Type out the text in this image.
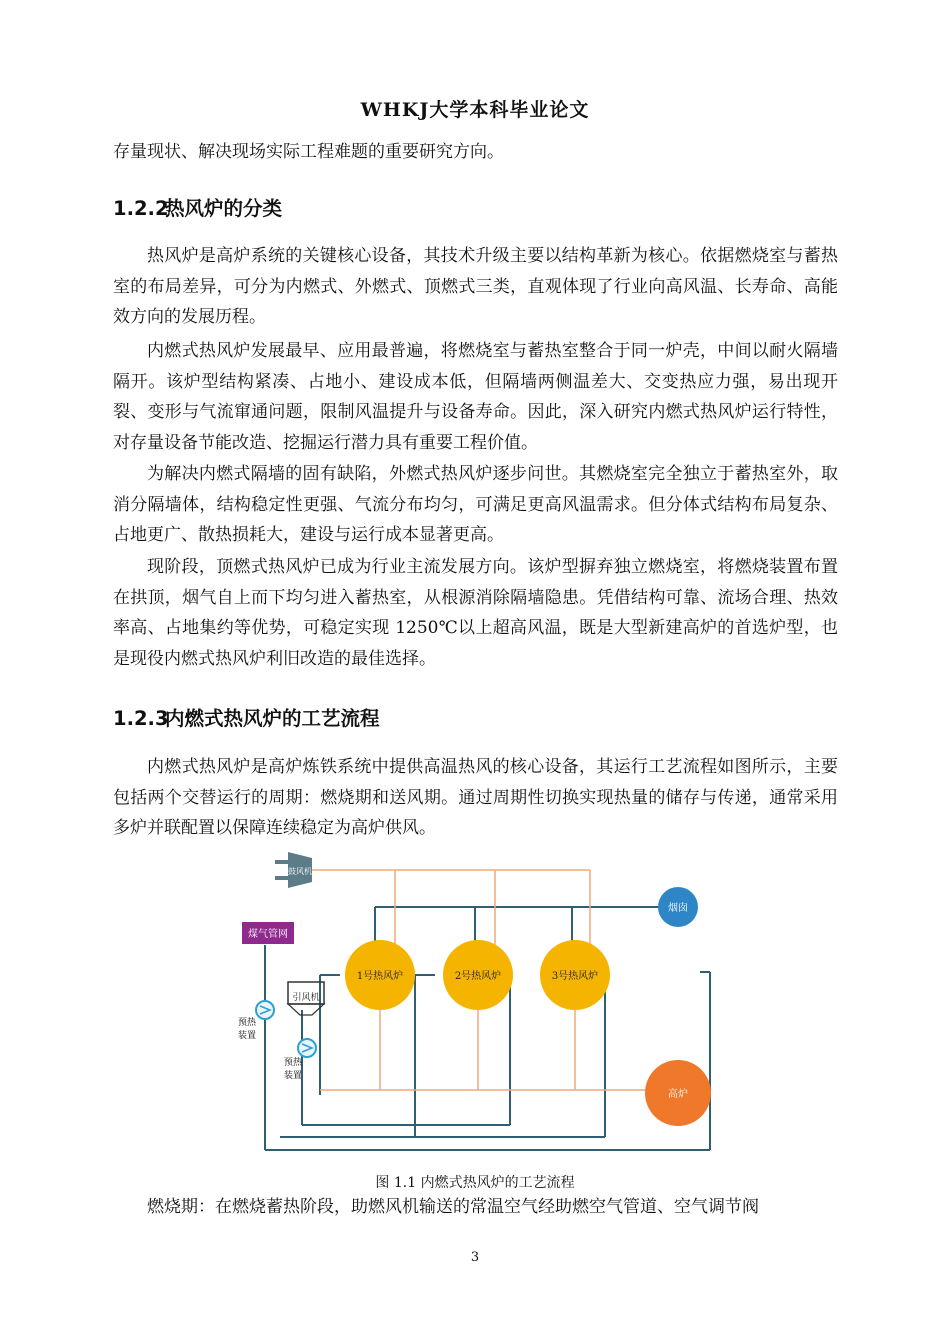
WHKJ大学本科毕业论文

存量现状、解决现场实际工程难题的重要研究方向。

1.2.2热风炉的分类

热风炉是高炉系统的关键核心设备，其技术升级主要以结构革新为核心。依据燃烧室与蓄热室的布局差异，可分为内燃式、外燃式、顶燃式三类，直观体现了行业向高风温、长寿命、高能效方向的发展历程。

内燃式热风炉发展最早、应用最普遍，将燃烧室与蓄热室整合于同一炉壳，中间以耐火隔墙隔开。该炉型结构紧凑、占地小、建设成本低，但隔墙两侧温差大、交变热应力强，易出现开裂、变形与气流窜通问题，限制风温提升与设备寿命。因此，深入研究内燃式热风炉运行特性，对存量设备节能改造、挖掘运行潜力具有重要工程价值。

为解决内燃式隔墙的固有缺陷，外燃式热风炉逐步问世。其燃烧室完全独立于蓄热室外，取消分隔墙体，结构稳定性更强、气流分布均匀，可满足更高风温需求。但分体式结构布局复杂、占地更广、散热损耗大，建设与运行成本显著更高。

现阶段，顶燃式热风炉已成为行业主流发展方向。该炉型摒弃独立燃烧室，将燃烧装置布置在拱顶，烟气自上而下均匀进入蓄热室，从根源消除隔墙隐患。凭借结构可靠、流场合理、热效率高、占地集约等优势，可稳定实现 1250℃以上超高风温，既是大型新建高炉的首选炉型，也是现役内燃式热风炉利旧改造的最佳选择。

1.2.3内燃式热风炉的工艺流程

内燃式热风炉是高炉炼铁系统中提供高温热风的核心设备，其运行工艺流程如图所示，主要包括两个交替运行的周期：燃烧期和送风期。通过周期性切换实现热量的储存与传递，通常采用多炉并联配置以保障连续稳定为高炉供风。

鼓风机
煤气管网
引风机
预热
装置
预热
装置
1号热风炉	2号热风炉	3号热风炉
烟囱
高炉
图 1.1 内燃式热风炉的工艺流程

燃烧期：在燃烧蓄热阶段，助燃风机输送的常温空气经助燃空气管道、空气调节阀

3
